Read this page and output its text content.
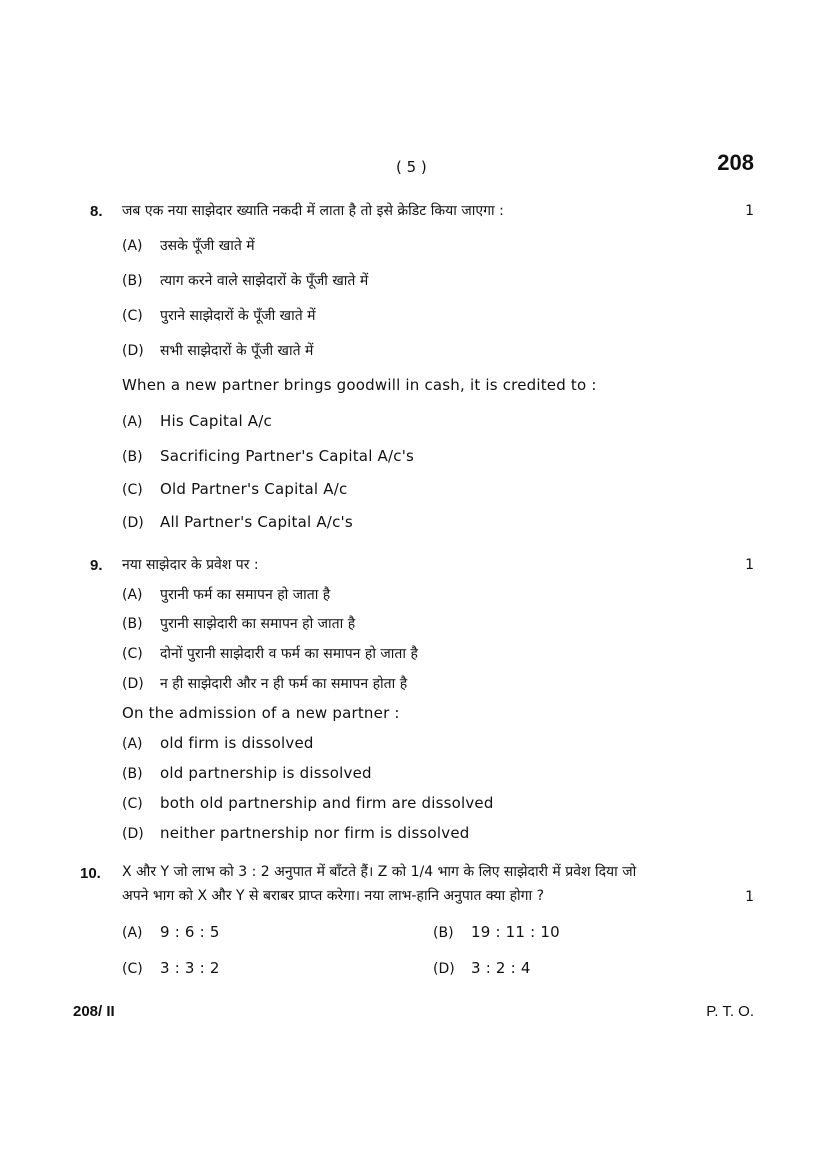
( 5 )	208
8. जब एक नया साझेदार ख्याति नकदी में लाता है तो इसे क्रेडिट किया जाएगा :	1
(A) उसके पूँजी खाते में
(B) त्याग करने वाले साझेदारों के पूँजी खाते में
(C) पुराने साझेदारों के पूँजी खाते में
(D) सभी साझेदारों के पूँजी खाते में
When a new partner brings goodwill in cash, it is credited to :
(A) His Capital A/c
(B) Sacrificing Partner's Capital A/c's
(C) Old Partner's Capital A/c
(D) All Partner's Capital A/c's
9. नया साझेदार के प्रवेश पर :	1
(A) पुरानी फर्म का समापन हो जाता है
(B) पुरानी साझेदारी का समापन हो जाता है
(C) दोनों पुरानी साझेदारी व फर्म का समापन हो जाता है
(D) न ही साझेदारी और न ही फर्म का समापन होता है
On the admission of a new partner :
(A) old firm is dissolved
(B) old partnership is dissolved
(C) both old partnership and firm are dissolved
(D) neither partnership nor firm is dissolved
10. X और Y जो लाभ को 3 : 2 अनुपात में बाँटते हैं। Z को 1/4 भाग के लिए साझेदारी में प्रवेश दिया जो
अपने भाग को X और Y से बराबर प्राप्त करेगा। नया लाभ-हानि अनुपात क्या होगा ?	1
(A) 9 : 6 : 5	(B) 19 : 11 : 10
(C) 3 : 3 : 2	(D) 3 : 2 : 4
208/ II	P. T. O.
